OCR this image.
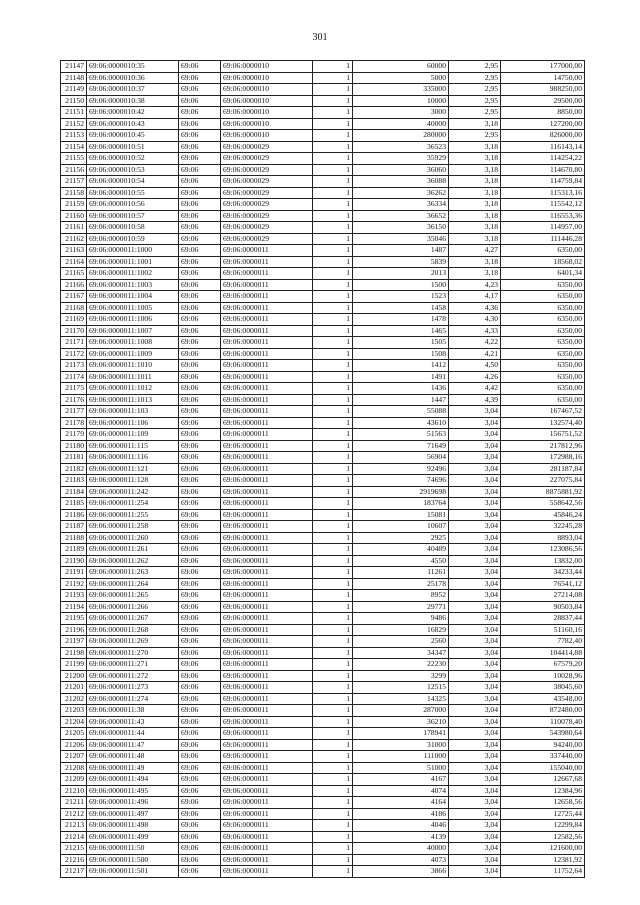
301
21147	69:06:0000010:35	69:06	69:06:0000010	1	60000	2,95	177000,00
21148	69:06:0000010:36	69:06	69:06:0000010	1	5000	2,95	14750,00
21149	69:06:0000010:37	69:06	69:06:0000010	1	335000	2,95	988250,00
21150	69:06:0000010:38	69:06	69:06:0000010	1	10000	2,95	29500,00
21151	69:06:0000010:42	69:06	69:06:0000010	1	3000	2,95	8850,00
21152	69:06:0000010:43	69:06	69:06:0000010	1	40000	3,18	127200,00
21153	69:06:0000010:45	69:06	69:06:0000010	1	280000	2,95	826000,00
21154	69:06:0000010:51	69:06	69:06:0000029	1	36523	3,18	116143,14
21155	69:06:0000010:52	69:06	69:06:0000029	1	35929	3,18	114254,22
21156	69:06:0000010:53	69:06	69:06:0000029	1	36060	3,18	114670,80
21157	69:06:0000010:54	69:06	69:06:0000029	1	36088	3,18	114759,84
21158	69:06:0000010:55	69:06	69:06:0000029	1	36262	3,18	115313,16
21159	69:06:0000010:56	69:06	69:06:0000029	1	36334	3,18	115542,12
21160	69:06:0000010:57	69:06	69:06:0000029	1	36652	3,18	116553,36
21161	69:06:0000010:58	69:06	69:06:0000029	1	36150	3,18	114957,00
21162	69:06:0000010:59	69:06	69:06:0000029	1	35046	3,18	111446,28
21163	69:06:0000011:1000	69:06	69:06:0000011	1	1487	4,27	6350,00
21164	69:06:0000011:1001	69:06	69:06:0000011	1	5839	3,18	18568,02
21165	69:06:0000011:1002	69:06	69:06:0000011	1	2013	3,18	6401,34
21166	69:06:0000011:1003	69:06	69:06:0000011	1	1500	4,23	6350,00
21167	69:06:0000011:1004	69:06	69:06:0000011	1	1523	4,17	6350,00
21168	69:06:0000011:1005	69:06	69:06:0000011	1	1458	4,36	6350,00
21169	69:06:0000011:1006	69:06	69:06:0000011	1	1478	4,30	6350,00
21170	69:06:0000011:1007	69:06	69:06:0000011	1	1465	4,33	6350,00
21171	69:06:0000011:1008	69:06	69:06:0000011	1	1505	4,22	6350,00
21172	69:06:0000011:1009	69:06	69:06:0000011	1	1508	4,21	6350,00
21173	69:06:0000011:1010	69:06	69:06:0000011	1	1412	4,50	6350,00
21174	69:06:0000011:1011	69:06	69:06:0000011	1	1491	4,26	6350,00
21175	69:06:0000011:1012	69:06	69:06:0000011	1	1436	4,42	6350,00
21176	69:06:0000011:1013	69:06	69:06:0000011	1	1447	4,39	6350,00
21177	69:06:0000011:103	69:06	69:06:0000011	1	55088	3,04	167467,52
21178	69:06:0000011:106	69:06	69:06:0000011	1	43610	3,04	132574,40
21179	69:06:0000011:109	69:06	69:06:0000011	1	51563	3,04	156751,52
21180	69:06:0000011:115	69:06	69:06:0000011	1	71649	3,04	217812,96
21181	69:06:0000011:116	69:06	69:06:0000011	1	56904	3,04	172988,16
21182	69:06:0000011:121	69:06	69:06:0000011	1	92496	3,04	281187,84
21183	69:06:0000011:128	69:06	69:06:0000011	1	74696	3,04	227075,84
21184	69:06:0000011:242	69:06	69:06:0000011	1	2919698	3,04	8875881,92
21185	69:06:0000011:254	69:06	69:06:0000011	1	183764	3,04	558642,56
21186	69:06:0000011:255	69:06	69:06:0000011	1	15081	3,04	45846,24
21187	69:06:0000011:258	69:06	69:06:0000011	1	10607	3,04	32245,28
21188	69:06:0000011:260	69:06	69:06:0000011	1	2925	3,04	8893,04
21189	69:06:0000011:261	69:06	69:06:0000011	1	40489	3,04	123086,56
21190	69:06:0000011:262	69:06	69:06:0000011	1	4550	3,04	13832,00
21191	69:06:0000011:263	69:06	69:06:0000011	1	11261	3,04	34233,44
21192	69:06:0000011:264	69:06	69:06:0000011	1	25178	3,04	76541,12
21193	69:06:0000011:265	69:06	69:06:0000011	1	8952	3,04	27214,08
21194	69:06:0000011:266	69:06	69:06:0000011	1	29771	3,04	90503,84
21195	69:06:0000011:267	69:06	69:06:0000011	1	9486	3,04	28837,44
21196	69:06:0000011:268	69:06	69:06:0000011	1	16829	3,04	51160,16
21197	69:06:0000011:269	69:06	69:06:0000011	1	2560	3,04	7782,40
21198	69:06:0000011:270	69:06	69:06:0000011	1	34347	3,04	104414,88
21199	69:06:0000011:271	69:06	69:06:0000011	1	22230	3,04	67579,20
21200	69:06:0000011:272	69:06	69:06:0000011	1	3299	3,04	10028,96
21201	69:06:0000011:273	69:06	69:06:0000011	1	12515	3,04	38045,60
21202	69:06:0000011:274	69:06	69:06:0000011	1	14325	3,04	43548,00
21203	69:06:0000011:38	69:06	69:06:0000011	1	287000	3,04	872480,00
21204	69:06:0000011:43	69:06	69:06:0000011	1	36210	3,04	110078,40
21205	69:06:0000011:44	69:06	69:06:0000011	1	178941	3,04	543980,64
21206	69:06:0000011:47	69:06	69:06:0000011	1	31000	3,04	94240,00
21207	69:06:0000011:48	69:06	69:06:0000011	1	111000	3,04	337440,00
21208	69:06:0000011:49	69:06	69:06:0000011	1	51000	3,04	155040,00
21209	69:06:0000011:494	69:06	69:06:0000011	1	4167	3,04	12667,68
21210	69:06:0000011:495	69:06	69:06:0000011	1	4074	3,04	12384,96
21211	69:06:0000011:496	69:06	69:06:0000011	1	4164	3,04	12658,56
21212	69:06:0000011:497	69:06	69:06:0000011	1	4186	3,04	12725,44
21213	69:06:0000011:498	69:06	69:06:0000011	1	4046	3,04	12299,84
21214	69:06:0000011:499	69:06	69:06:0000011	1	4139	3,04	12582,56
21215	69:06:0000011:50	69:06	69:06:0000011	1	40000	3,04	121600,00
21216	69:06:0000011:500	69:06	69:06:0000011	1	4073	3,04	12381,92
21217	69:06:0000011:501	69:06	69:06:0000011	1	3866	3,04	11752,64
